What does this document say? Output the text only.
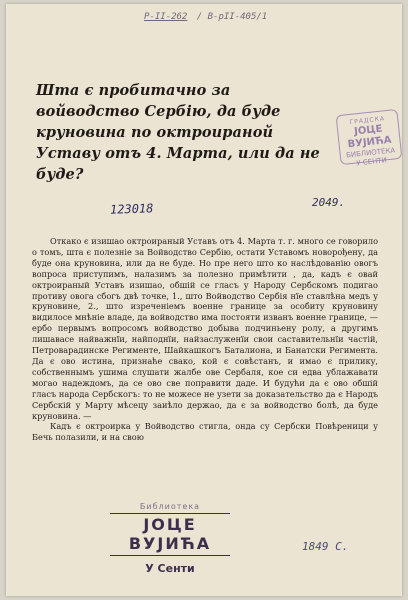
Р-II-262 / В-рII-405/1
Шта є пробитачно за войводство Сербію, да буде круновина по октроираной Уставу отъ 4. Марта, или да не буде?
ГРАДСКА
ЈОЦЕ ВУЈИЋА
БИБЛИОТЕКА
У СЕНТИ
123018	2049.

Откако є изишао октроираный Уставъ отъ 4. Марта т. г. много се говорило о томъ, шта є полезніе за Войводство Сербію, остати Уставомъ новорођену, да буде она круновина, или да не буде. Но пре него што ко наслѣдованію овогъ вопроса приступимъ, налазимъ за полезно примѣтити , да, кадъ є овай октроираный Уставъ изишао, обшій се гласъ у Народу Сербскомъ подигао противу овога сбогъ двѣ точке, 1., што Войводство Сербія нїе ставлѣна медъ у круновине, 2., што изреченiемъ военне границе за особиту круновину видилосе мнѣнiе владе, да войводство има постояти изванъ военне границе, — ербо первымъ вопросомъ войводство добыва подчиньену ролу, а другимъ лишавасе найважнїи, найподнїи, найзаслуженїи свои саставительнїи частiй, Петроварадинске Регименте, Шайкашкогъ Баталиона, и Банатски Регимента. Да є ово истина, признаће свако, кой є совѣстанъ, и имао є прилику, собственнымъ ушима слушати жалбе ове Сербаля, кое си едва ублажавати могао надеждомъ, да се ово све поправити даде. И будући да є ово обшій гласъ народа Сербскогъ: то не можесе не узети за доказательство да є Народъ Сербскій у Марту мѣсецу заиѣло держао, да є за войводство болѣ, да буде круновина. —

Кадъ є октроирка у Войводство стигла, онда су Сербски Повѣреници у Бечь полазили, и на свою

Библиотека
ЈОЦЕ ВУЈИЋА
У Сенти
1849 С.
